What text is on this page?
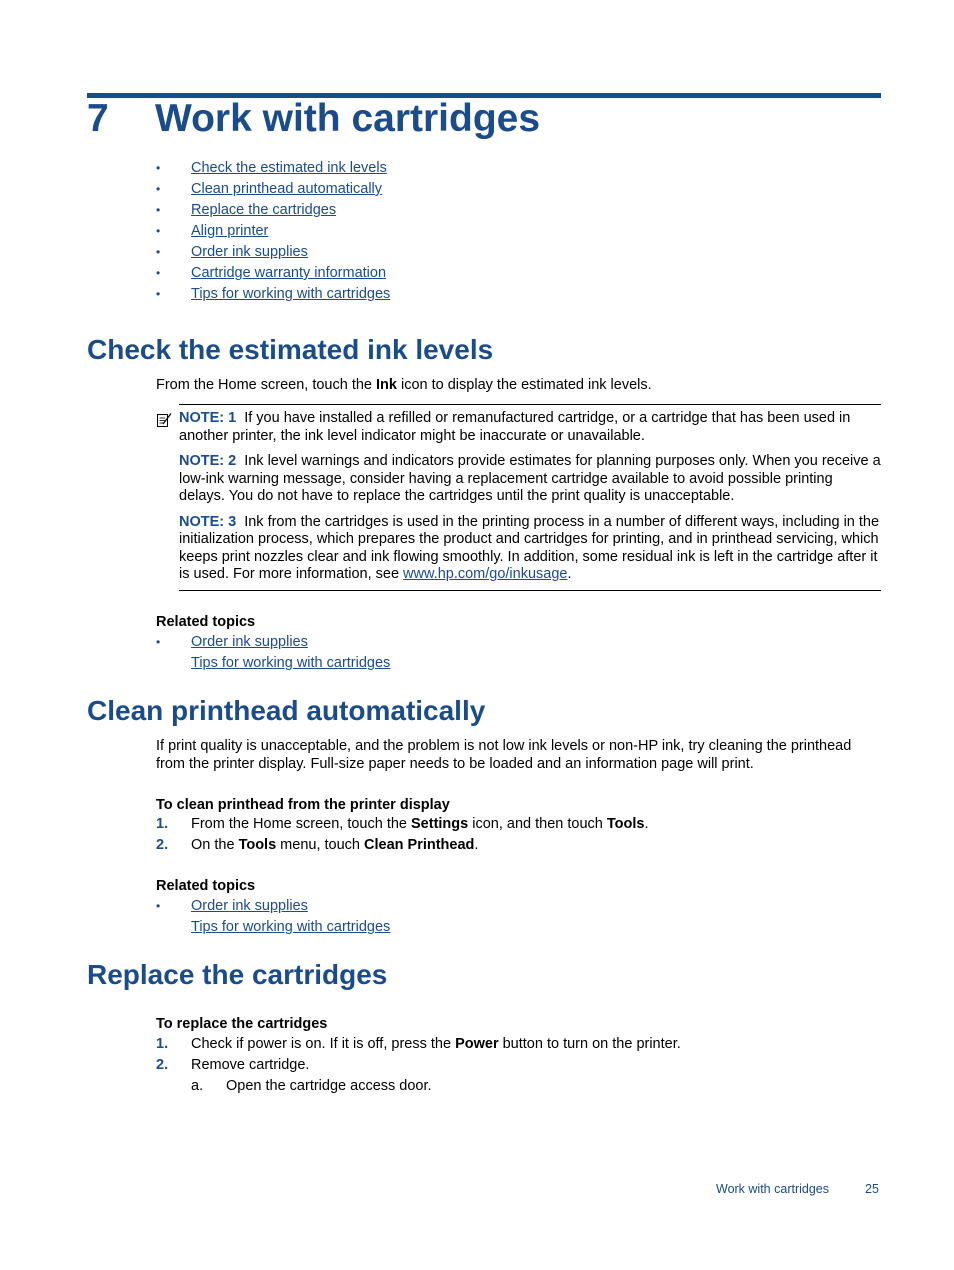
7 Work with cartridges
• Check the estimated ink levels
• Clean printhead automatically
• Replace the cartridges
• Align printer
• Order ink supplies
• Cartridge warranty information
• Tips for working with cartridges
Check the estimated ink levels

From the Home screen, touch the Ink icon to display the estimated ink levels.

NOTE: 1 If you have installed a refilled or remanufactured cartridge, or a cartridge that has been used in another printer, the ink level indicator might be inaccurate or unavailable.

NOTE: 2 Ink level warnings and indicators provide estimates for planning purposes only. When you receive a low-ink warning message, consider having a replacement cartridge available to avoid possible printing delays. You do not have to replace the cartridges until the print quality is unacceptable.

NOTE: 3 Ink from the cartridges is used in the printing process in a number of different ways, including in the initialization process, which prepares the product and cartridges for printing, and in printhead servicing, which keeps print nozzles clear and ink flowing smoothly. In addition, some residual ink is left in the cartridge after it is used. For more information, see www.hp.com/go/inkusage.

Related topics

• Order ink supplies
Tips for working with cartridges
Clean printhead automatically

If print quality is unacceptable, and the problem is not low ink levels or non-HP ink, try cleaning the printhead from the printer display. Full-size paper needs to be loaded and an information page will print.

To clean printhead from the printer display

1. From the Home screen, touch the Settings icon, and then touch Tools.
2. On the Tools menu, touch Clean Printhead.

Related topics

• Order ink supplies
Tips for working with cartridges
Replace the cartridges

To replace the cartridges

1. Check if power is on. If it is off, press the Power button to turn on the printer.
2. Remove cartridge.
a. Open the cartridge access door.
Work with cartridges	25
